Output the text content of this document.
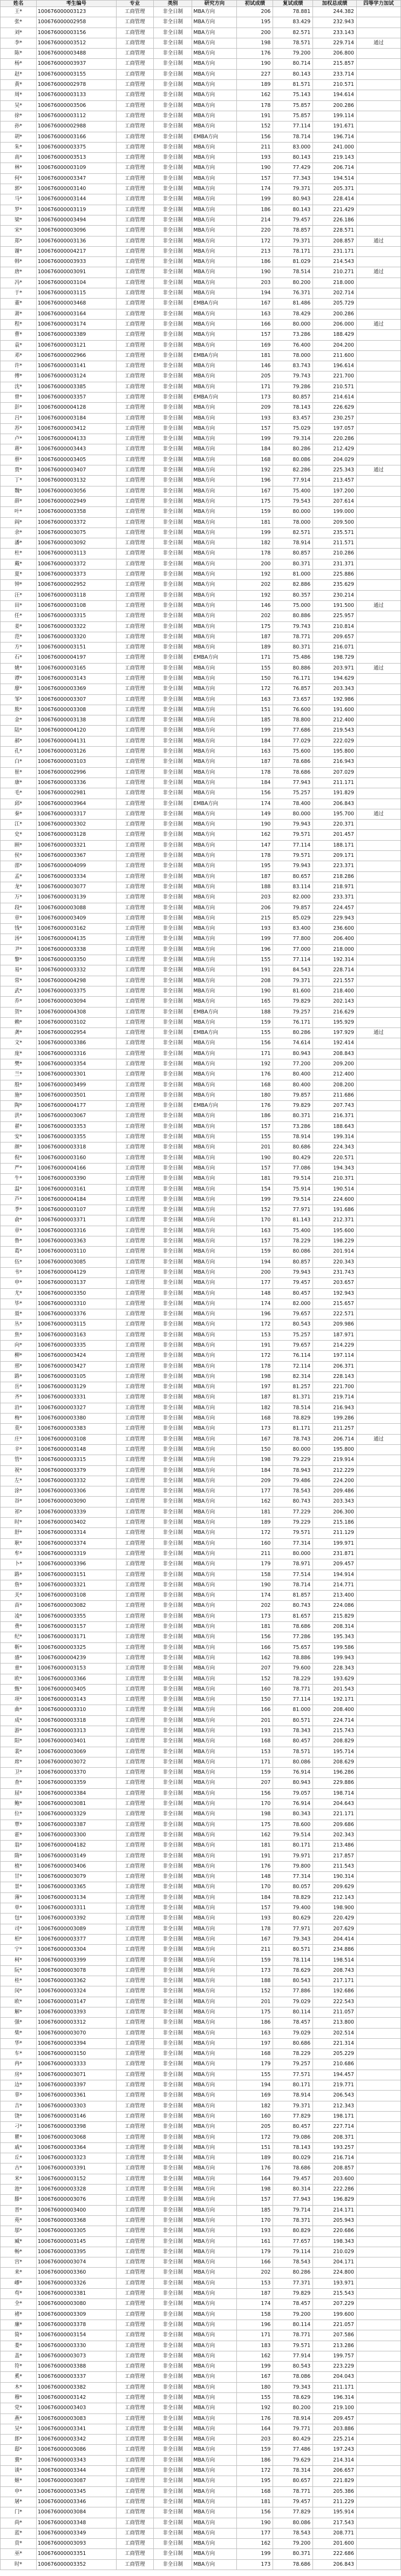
姓名	考生编号	专业	类别	研究方向	初试成绩	复试成绩	加权总成绩	四等学力加试
王*	100676000003123	工商管理	非全日制	MBA方向	206	78.881	244.382	
张*	100676000002958	工商管理	非全日制	MBA方向	195	83.429	232.943	
刘*	100676000003156	工商管理	非全日制	MBA方向	200	82.571	233.143	
李*	100676000003512	工商管理	非全日制	MBA方向	198	78.571	229.714	通过
陈*	100676000003488	工商管理	非全日制	MBA方向	176	79.200	206.800	
杨*	100676000003937	工商管理	非全日制	MBA方向	190	80.714	215.857	
赵*	100676000003155	工商管理	非全日制	MBA方向	227	80.143	233.714	
黄*	100676000002978	工商管理	非全日制	MBA方向	189	81.571	210.571	
周*	100676000003133	工商管理	非全日制	MBA方向	162	75.143	194.614	
吴*	100676000003506	工商管理	非全日制	MBA方向	178	75.857	200.286	
徐*	100676000003112	工商管理	非全日制	MBA方向	191	75.857	199.114	
孙*	100676000002988	工商管理	非全日制	MBA方向	152	77.114	191.671	
胡*	100676000003166	工商管理	非全日制	EMBA方向	156	78.714	196.714	
朱*	100676000003375	工商管理	非全日制	MBA方向	211	83.000	241.000	
高*	100676000003513	工商管理	非全日制	MBA方向	193	80.143	219.143	
林*	100676000003109	工商管理	非全日制	MBA方向	190	77.429	206.714	
何*	100676000003347	工商管理	非全日制	MBA方向	157	77.343	194.514	
郭*	100676000003140	工商管理	非全日制	MBA方向	174	79.371	205.371	
马*	100676000003144	工商管理	非全日制	MBA方向	199	80.943	228.414	
罗*	100676000003119	工商管理	非全日制	MBA方向	186	80.143	221.429	
梁*	100676000003494	工商管理	非全日制	MBA方向	214	79.457	226.186	
宋*	100676000003096	工商管理	非全日制	MBA方向	220	78.857	228.571	
郑*	100676000003136	工商管理	非全日制	MBA方向	172	79.371	208.857	通过
谢*	100676000004217	工商管理	非全日制	MBA方向	213	78.171	231.171	
韩*	100676000003933	工商管理	非全日制	MBA方向	186	81.029	214.543	
唐*	100676000003091	工商管理	非全日制	MBA方向	190	78.514	210.271	通过
冯*	100676000003104	工商管理	非全日制	MBA方向	203	80.200	218.000	
于*	100676000003115	工商管理	非全日制	MBA方向	194	76.371	202.714	
董*	100676000003468	工商管理	非全日制	EMBA方向	167	81.486	205.729	
萧*	100676000003164	工商管理	非全日制	MBA方向	163	78.429	200.286	
程*	100676000003174	工商管理	非全日制	MBA方向	166	80.000	206.000	通过
曹*	100676000003389	工商管理	非全日制	MBA方向	157	73.286	188.429	
袁*	100676000003121	工商管理	非全日制	MBA方向	169	76.400	204.200	
邓*	100676000002966	工商管理	非全日制	EMBA方向	181	78.000	211.600	
许*	100676000003141	工商管理	非全日制	MBA方向	146	83.743	196.614	
傅*	100676000003124	工商管理	非全日制	MBA方向	205	79.743	221.700	
沈*	100676000003385	工商管理	非全日制	MBA方向	171	79.286	210.571	
曾*	100676000003357	工商管理	非全日制	EMBA方向	173	80.857	214.614	
彭*	100676000004128	工商管理	非全日制	MBA方向	209	78.143	226.629	
吕*	100676000003184	工商管理	非全日制	MBA方向	193	83.457	230.257	
苏*	100676000003412	工商管理	非全日制	MBA方向	157	75.029	197.057	
卢*	100676000004133	工商管理	非全日制	MBA方向	199	79.314	220.286	
蒋*	100676000003443	工商管理	非全日制	MBA方向	184	80.286	212.429	
蔡*	100676000003405	工商管理	非全日制	MBA方向	168	80.086	204.029	
贾*	100676000003407	工商管理	非全日制	MBA方向	192	82.286	225.343	通过
丁*	100676000003132	工商管理	非全日制	MBA方向	196	77.914	213.457	
魏*	100676000003056	工商管理	非全日制	MBA方向	167	75.400	197.200	
薛*	100676000002949	工商管理	非全日制	MBA方向	175	79.543	207.614	
叶*	100676000003358	工商管理	非全日制	MBA方向	159	80.000	199.000	
阎*	100676000003372	工商管理	非全日制	MBA方向	181	78.000	209.500	
余*	100676000003075	工商管理	非全日制	MBA方向	199	82.571	235.571	
潘*	100676000003092	工商管理	非全日制	MBA方向	182	78.914	211.571	
杜*	100676000003113	工商管理	非全日制	MBA方向	178	80.857	210.286	
戴*	100676000003372	工商管理	非全日制	MBA方向	200	80.371	231.371	
夏*	100676000003373	工商管理	非全日制	MBA方向	192	81.000	225.886	
钟*	100676000002952	工商管理	非全日制	MBA方向	202	82.886	235.629	
汪*	100676000003118	工商管理	非全日制	MBA方向	192	80.357	230.214	
田*	100676000003108	工商管理	非全日制	MBA方向	146	75.000	191.500	通过
任*	100676000003315	工商管理	非全日制	MBA方向	202	80.886	225.957	
姜*	100676000003322	工商管理	非全日制	MBA方向	175	79.743	210.814	
范*	100676000003320	工商管理	非全日制	MBA方向	187	78.771	209.657	
方*	100676000003151	工商管理	非全日制	MBA方向	189	80.371	216.071	
石*	100676000004197	工商管理	非全日制	EMBA方向	171	75.486	198.729	
姚*	100676000003165	工商管理	非全日制	MBA方向	155	80.886	203.971	通过
谭*	100676000003143	工商管理	非全日制	MBA方向	150	76.171	194.629	
廖*	100676000003369	工商管理	非全日制	MBA方向	172	76.857	203.343	
邹*	100676000003307	工商管理	非全日制	MBA方向	163	73.657	192.986	
熊*	100676000003308	工商管理	非全日制	MBA方向	151	76.600	191.600	
金*	100676000003138	工商管理	非全日制	MBA方向	185	78.800	212.400	
陆*	100676000004120	工商管理	非全日制	MBA方向	199	77.686	219.543	
郝*	100676000004131	工商管理	非全日制	MBA方向	184	77.029	222.029	
孔*	100676000003126	工商管理	非全日制	MBA方向	163	75.600	195.800	
白*	100676000003103	工商管理	非全日制	MBA方向	187	78.686	216.943	
崔*	100676000002996	工商管理	非全日制	MBA方向	178	78.686	207.029	
康*	100676000003336	工商管理	非全日制	MBA方向	184	77.943	211.171	
毛*	100676000002981	工商管理	非全日制	MBA方向	156	75.257	191.829	
邱*	100676000003964	工商管理	非全日制	EMBA方向	174	78.400	206.843	
秦*	100676000003317	工商管理	非全日制	MBA方向	149	80.000	195.700	通过
江*	100676000003302	工商管理	非全日制	MBA方向	190	79.943	220.371	
史*	100676000003128	工商管理	非全日制	MBA方向	162	79.571	201.457	
顾*	100676000003321	工商管理	非全日制	MBA方向	147	77.114	188.171	
侯*	100676000003367	工商管理	非全日制	MBA方向	178	79.571	209.171	
邵*	100676000004099	工商管理	非全日制	MBA方向	195	79.943	223.371	
孟*	100676000003334	工商管理	非全日制	MBA方向	187	80.657	218.286	
龙*	100676000003077	工商管理	非全日制	MBA方向	188	83.114	218.971	
万*	100676000003139	工商管理	非全日制	MBA方向	203	82.000	233.371	
段*	100676000003088	工商管理	非全日制	MBA方向	206	79.857	224.457	
章*	100676000003409	工商管理	非全日制	MBA方向	215	85.029	229.943	
钱*	100676000003162	工商管理	非全日制	MBA方向	193	83.400	236.600	
汤*	100676000004135	工商管理	非全日制	MBA方向	199	77.800	206.400	
尹*	100676000003338	工商管理	非全日制	MBA方向	196	77.000	218.000	
黎*	100676000003350	工商管理	非全日制	MBA方向	155	77.114	192.314	
易*	100676000003332	工商管理	非全日制	MBA方向	191	84.543	228.714	
常*	100676000004298	工商管理	非全日制	MBA方向	208	79.371	221.557	
武*	100676000003375	工商管理	非全日制	MBA方向	190	81.600	218.400	
乔*	100676000003094	工商管理	非全日制	MBA方向	165	79.829	202.143	
贺*	100676000004308	工商管理	非全日制	EMBA方向	188	79.257	216.629	
赖*	100676000003102	工商管理	非全日制	MBA方向	159	76.171	195.929	
龚*	100676000002954	工商管理	非全日制	EMBA方向	155	80.286	197.929	通过
文*	100676000003386	工商管理	非全日制	MBA方向	156	74.614	192.414	
庞*	100676000003316	工商管理	非全日制	MBA方向	171	80.943	208.843	
樊*	100676000003354	工商管理	非全日制	MBA方向	192	77.200	209.200	
兰*	100676000003301	工商管理	非全日制	MBA方向	176	80.400	212.400	
殷*	100676000003499	工商管理	非全日制	MBA方向	168	80.400	208.200	
施*	100676000003501	工商管理	非全日制	MBA方向	180	79.857	211.686	
陶*	100676000004177	工商管理	非全日制	EMBA方向	176	79.829	207.743	
洪*	100676000003067	工商管理	非全日制	MBA方向	186	80.371	216.371	
翟*	100676000003353	工商管理	非全日制	MBA方向	157	73.286	188.643	
安*	100676000003355	工商管理	非全日制	MBA方向	155	78.914	199.314	
颜*	100676000003318	工商管理	非全日制	MBA方向	201	80.686	224.343	
倪*	100676000003160	工商管理	非全日制	MBA方向	190	80.429	220.571	
严*	100676000004166	工商管理	非全日制	MBA方向	157	77.086	194.343	
牛*	100676000003390	工商管理	非全日制	MBA方向	181	79.514	210.371	
温*	100676000003161	工商管理	非全日制	MBA方向	154	75.914	190.514	
芦*	100676000004184	工商管理	非全日制	MBA方向	199	79.514	224.600	
季*	100676000003107	工商管理	非全日制	MBA方向	152	77.971	191.686	
俞*	100676000003371	工商管理	非全日制	MBA方向	170	81.143	212.371	
章*	100676000003316	工商管理	非全日制	MBA方向	163	75.400	195.600	
鲁*	100676000003363	工商管理	非全日制	MBA方向	157	78.229	198.229	
葛*	100676000003110	工商管理	非全日制	MBA方向	159	80.086	201.914	
伍*	100676000003085	工商管理	非全日制	MBA方向	194	80.857	220.343	
韦*	100676000004129	工商管理	非全日制	MBA方向	200	79.943	231.743	
申*	100676000003137	工商管理	非全日制	MBA方向	177	79.457	203.657	
尤*	100676000003350	工商管理	非全日制	MBA方向	148	80.457	192.943	
毕*	100676000003310	工商管理	非全日制	MBA方向	174	82.000	215.657	
聂*	100676000003376	工商管理	非全日制	MBA方向	196	79.657	222.571	
丛*	100676000003115	工商管理	非全日制	MBA方向	172	80.543	209.986	
焦*	100676000003163	工商管理	非全日制	MBA方向	153	75.257	187.971	
向*	100676000003335	工商管理	非全日制	MBA方向	191	79.657	214.229	
柳*	100676000003424	工商管理	非全日制	MBA方向	172	76.114	197.114	
邢*	100676000003427	工商管理	非全日制	MBA方向	178	72.114	206.371	
路*	100676000003105	工商管理	非全日制	MBA方向	198	82.314	228.143	
岳*	100676000003129	工商管理	非全日制	MBA方向	197	81.257	221.700	
齐*	100676000003331	工商管理	非全日制	MBA方向	187	81.371	219.714	
沿*	100676000003327	工商管理	非全日制	MBA方向	182	78.514	216.943	
梅*	100676000003380	工商管理	非全日制	MBA方向	168	78.829	199.286	
莫*	100676000003383	工商管理	非全日制	MBA方向	173	81.171	211.257	
庄*	100676000003108	工商管理	非全日制	MBA方向	167	78.743	206.714	通过
辛*	100676000003148	工商管理	非全日制	MBA方向	150	80.000	195.800	
管*	100676000003315	工商管理	非全日制	MBA方向	198	79.229	219.914	
祝*	100676000003379	工商管理	非全日制	MBA方向	184	78.943	212.229	
左*	100676000003332	工商管理	非全日制	MBA方向	209	79.486	224.200	
涂*	100676000003306	工商管理	非全日制	MBA方向	177	78.543	209.486	
谷*	100676000003090	工商管理	非全日制	MBA方向	162	80.743	203.343	
祁*	100676000003339	工商管理	非全日制	MBA方向	181	77.229	206.300	
时*	100676000003402	工商管理	非全日制	MBA方向	189	79.229	215.186	
舒*	100676000003314	工商管理	非全日制	MBA方向	172	79.571	211.129	
耿*	100676000003374	工商管理	非全日制	MBA方向	160	77.314	199.971	
牟*	100676000003319	工商管理	非全日制	MBA方向	211	80.000	231.871	
卜*	100676000003396	工商管理	非全日制	MBA方向	179	78.971	209.457	
路*	100676000003151	工商管理	非全日制	MBA方向	158	77.514	194.914	
詹*	100676000003321	工商管理	非全日制	MBA方向	190	78.714	214.771	
关*	100676000003108	工商管理	非全日制	MBA方向	174	81.857	213.400	
苗*	100676000003082	工商管理	非全日制	MBA方向	202	80.743	224.086	
凌*	100676000003355	工商管理	非全日制	MBA方向	173	81.657	215.829	
费*	100676000003157	工商管理	非全日制	MBA方向	181	78.686	208.314	
纪*	100676000003171	工商管理	非全日制	MBA方向	156	77.286	195.343	
靳*	100676000003325	工商管理	非全日制	MBA方向	166	75.657	199.586	
盛*	100676000004239	工商管理	非全日制	MBA方向	162	78.886	199.943	
童*	100676000003153	工商管理	非全日制	MBA方向	207	79.600	228.343	
欧*	100676000003366	工商管理	非全日制	MBA方向	152	78.229	193.629	
甄*	100676000003405	工商管理	非全日制	MBA方向	160	78.771	201.543	
项*	100676000003143	工商管理	非全日制	MBA方向	150	77.114	192.171	
曲*	100676000003310	工商管理	非全日制	MBA方向	166	81.000	208.400	
成*	100676000003318	工商管理	非全日制	MBA方向	201	80.571	224.714	
游*	100676000003313	工商管理	非全日制	MBA方向	193	78.343	215.743	
阳*	100676000003401	工商管理	非全日制	MBA方向	168	80.457	208.829	
裴*	100676000003069	工商管理	非全日制	MBA方向	153	78.571	195.714	
席*	100676000003072	工商管理	非全日制	MBA方向	171	80.086	208.629	
卫*	100676000003370	工商管理	非全日制	MBA方向	159	76.914	196.286	
查*	100676000003359	工商管理	非全日制	MBA方向	207	80.943	229.886	
屈*	100676000003384	工商管理	非全日制	MBA方向	156	79.057	198.714	
鲍*	100676000003081	工商管理	非全日制	MBA方向	170	76.914	204.643	
位*	100676000003329	工商管理	非全日制	MBA方向	198	80.343	221.171	
覃*	100676000003387	工商管理	非全日制	MBA方向	175	78.600	209.686	
霍*	100676000003300	工商管理	非全日制	MBA方向	162	79.514	202.343	
翁*	100676000004182	工商管理	非全日制	MBA方向	181	80.171	213.486	
隋*	100676000003149	工商管理	非全日制	MBA方向	191	79.971	217.857	
植*	100676000003406	工商管理	非全日制	MBA方向	176	79.800	211.543	
甘*	100676000003079	工商管理	非全日制	MBA方向	148	77.314	190.314	
景*	100676000003365	工商管理	非全日制	MBA方向	170	80.057	209.629	
薄*	100676000003134	工商管理	非全日制	MBA方向	184	78.829	212.143	
单*	100676000003311	工商管理	非全日制	MBA方向	157	79.400	198.900	
包*	100676000003392	工商管理	非全日制	MBA方向	193	80.629	220.429	
司*	100676000003089	工商管理	非全日制	MBA方向	178	77.971	207.629	
柏*	100676000003377	工商管理	非全日制	MBA方向	167	79.343	204.414	
宁*	100676000003304	工商管理	非全日制	MBA方向	211	80.571	234.886	
柯*	100676000003399	工商管理	非全日制	MBA方向	159	78.114	198.514	
阮*	100676000003078	工商管理	非全日制	MBA方向	173	78.629	208.743	
桂*	100676000003362	工商管理	非全日制	MBA方向	188	80.543	217.171	
闵*	100676000003324	工商管理	非全日制	MBA方向	152	77.886	192.686	
欧*	100676000003147	工商管理	非全日制	MBA方向	201	79.029	222.543	
解*	100676000003393	工商管理	非全日制	MBA方向	175	80.114	211.057	
强*	100676000003312	工商管理	非全日制	MBA方向	186	78.457	213.800	
柴*	100676000003070	工商管理	非全日制	MBA方向	163	79.029	202.514	
华*	100676000003394	工商管理	非全日制	MBA方向	197	80.686	221.314	
车*	100676000003150	工商管理	非全日制	MBA方向	168	78.229	205.229	
冉*	100676000003333	工商管理	非全日制	MBA方向	179	79.257	210.686	
房*	100676000003071	工商管理	非全日制	MBA方向	155	77.571	194.457	
边*	100676000003397	工商管理	非全日制	MBA方向	194	80.171	219.771	
辜*	100676000003361	工商管理	非全日制	MBA方向	169	78.914	206.543	
吉*	100676000003303	工商管理	非全日制	MBA方向	182	79.371	212.343	
饶*	100676000003146	工商管理	非全日制	MBA方向	160	77.829	198.171	
刁*	100676000003398	工商管理	非全日制	MBA方向	205	80.457	227.714	
瞿*	100676000003068	工商管理	非全日制	MBA方向	172	79.086	208.371	
戚*	100676000003364	工商管理	非全日制	MBA方向	151	78.143	193.257	
丘*	100676000003323	工商管理	非全日制	MBA方向	189	80.029	216.714	
古*	100676000003391	工商管理	非全日制	MBA方向	176	78.686	208.857	
米*	100676000003152	工商管理	非全日制	MBA方向	164	79.457	203.600	
池*	100676000003328	工商管理	非全日制	MBA方向	198	80.314	222.286	
滕*	100676000003076	工商管理	非全日制	MBA方向	157	77.943	196.829	
晋*	100676000003400	工商管理	非全日制	MBA方向	185	79.714	214.171	
苑*	100676000003368	工商管理	非全日制	MBA方向	170	78.371	205.943	
邬*	100676000003305	工商管理	非全日制	MBA方向	193	80.829	220.686	
臧*	100676000003145	工商管理	非全日制	MBA方向	161	77.657	198.343	
畅*	100676000003395	工商管理	非全日制	MBA方向	179	79.114	210.029	
宫*	100676000003074	工商管理	非全日制	MBA方向	166	78.543	204.171	
来*	100676000003360	工商管理	非全日制	MBA方向	202	80.286	224.800	
嵺*	100676000003326	工商管理	非全日制	MBA方向	153	77.371	193.971	
苟*	100676000003381	工商管理	非全日制	MBA方向	187	79.829	215.543	
全*	100676000003080	工商管理	非全日制	MBA方向	174	78.457	207.229	
褚*	100676000003309	工商管理	非全日制	MBA方向	158	79.200	199.600	
廉*	100676000003378	工商管理	非全日制	MBA方向	196	80.114	221.057	
简*	100676000003154	工商管理	非全日制	MBA方向	171	78.771	207.586	
娄*	100676000003330	工商管理	非全日制	MBA方向	183	79.571	213.286	
盖*	100676000003073	工商管理	非全日制	MBA方向	162	77.914	199.757	
符*	100676000003388	工商管理	非全日制	MBA方向	199	80.543	223.229	
奚*	100676000003337	工商管理	非全日制	MBA方向	167	78.086	204.043	
木*	100676000003382	工商管理	非全日制	MBA方向	180	79.343	211.171	
穆*	100676000003142	工商管理	非全日制	MBA方向	155	78.629	196.314	
党*	100676000003403	工商管理	非全日制	MBA方向	192	80.200	219.100	
燕*	100676000003083	工商管理	非全日制	MBA方向	176	78.914	209.457	
吴*	100676000003341	工商管理	非全日制	MBA方向	164	79.771	203.886	
郎*	100676000003342	工商管理	非全日制	MBA方向	203	80.429	225.214	
邸*	100676000003086	工商管理	非全日制	MBA方向	159	77.486	197.243	
冀*	100676000003343	工商管理	非全日制	MBA方向	186	79.629	214.314	
谈*	100676000003344	工商管理	非全日制	MBA方向	172	78.314	206.657	
姬*	100676000003087	工商管理	非全日制	MBA方向	195	80.657	221.829	
申*	100676000003345	工商管理	非全日制	MBA方向	168	78.771	205.386	
屠*	100676000003346	工商管理	非全日制	MBA方向	181	79.457	211.229	
门*	100676000003084	工商管理	非全日制	MBA方向	156	77.829	195.914	
尚*	100676000003348	工商管理	非全日制	MBA方向	190	80.086	217.543	
蓝*	100676000003349	工商管理	非全日制	MBA方向	177	78.543	208.771	
贲*	100676000003093	工商管理	非全日制	MBA方向	162	79.200	201.600	
巫*	100676000003351	工商管理	非全日制	MBA方向	199	80.371	222.686	
时*	100676000003352	工商管理	非全日制	MBA方向	173	78.686	206.843	
